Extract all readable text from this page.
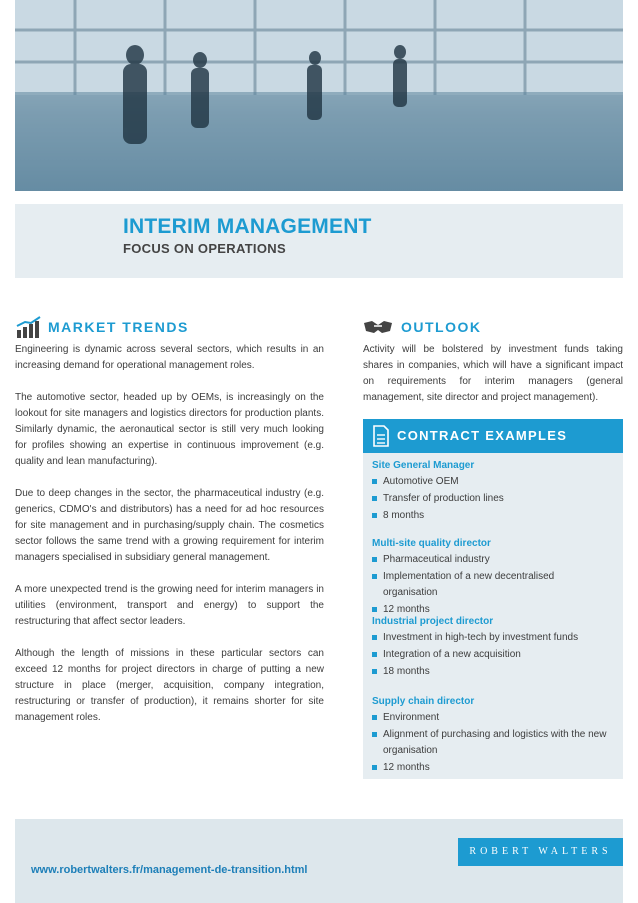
INTERIM MANAGEMENT
FOCUS ON OPERATIONS
MARKET TRENDS

Engineering is dynamic across several sectors, which results in an increasing demand for operational management roles.

The automotive sector, headed up by OEMs, is increasingly on the lookout for site managers and logistics directors for production plants. Similarly dynamic, the aeronautical sector is still very much looking for profiles showing an expertise in continuous improvement (e.g. quality and lean manufacturing).

Due to deep changes in the sector, the pharmaceutical industry (e.g. generics, CDMO's and distributors) has a need for ad hoc resources for site management and in purchasing/supply chain. The cosmetics sector follows the same trend with a growing requirement for interim managers specialised in subsidiary general management.

A more unexpected trend is the growing need for interim managers in utilities (environment, transport and energy) to support the restructuring that affect sector leaders.

Although the length of missions in these particular sectors can exceed 12 months for project directors in charge of putting a new structure in place (merger, acquisition, company integration, restructuring or transfer of production), it remains shorter for site management roles.

OUTLOOK
Activity will be bolstered by investment funds taking shares in companies, which will have a significant impact on requirements for interim managers (general management, site director and project management).
CONTRACT EXAMPLES
Site General Manager
Automotive OEM
Transfer of production lines
8 months
Multi-site quality director
Pharmaceutical industry
Implementation of a new decentralised organisation
12 months
Industrial project director
Investment in high-tech by investment funds
Integration of a new acquisition
18 months
Supply chain director
Environment
Alignment of purchasing and logistics with the new organisation
12 months
www.robertwalters.fr/management-de-transition.html
ROBERT WALTERS
